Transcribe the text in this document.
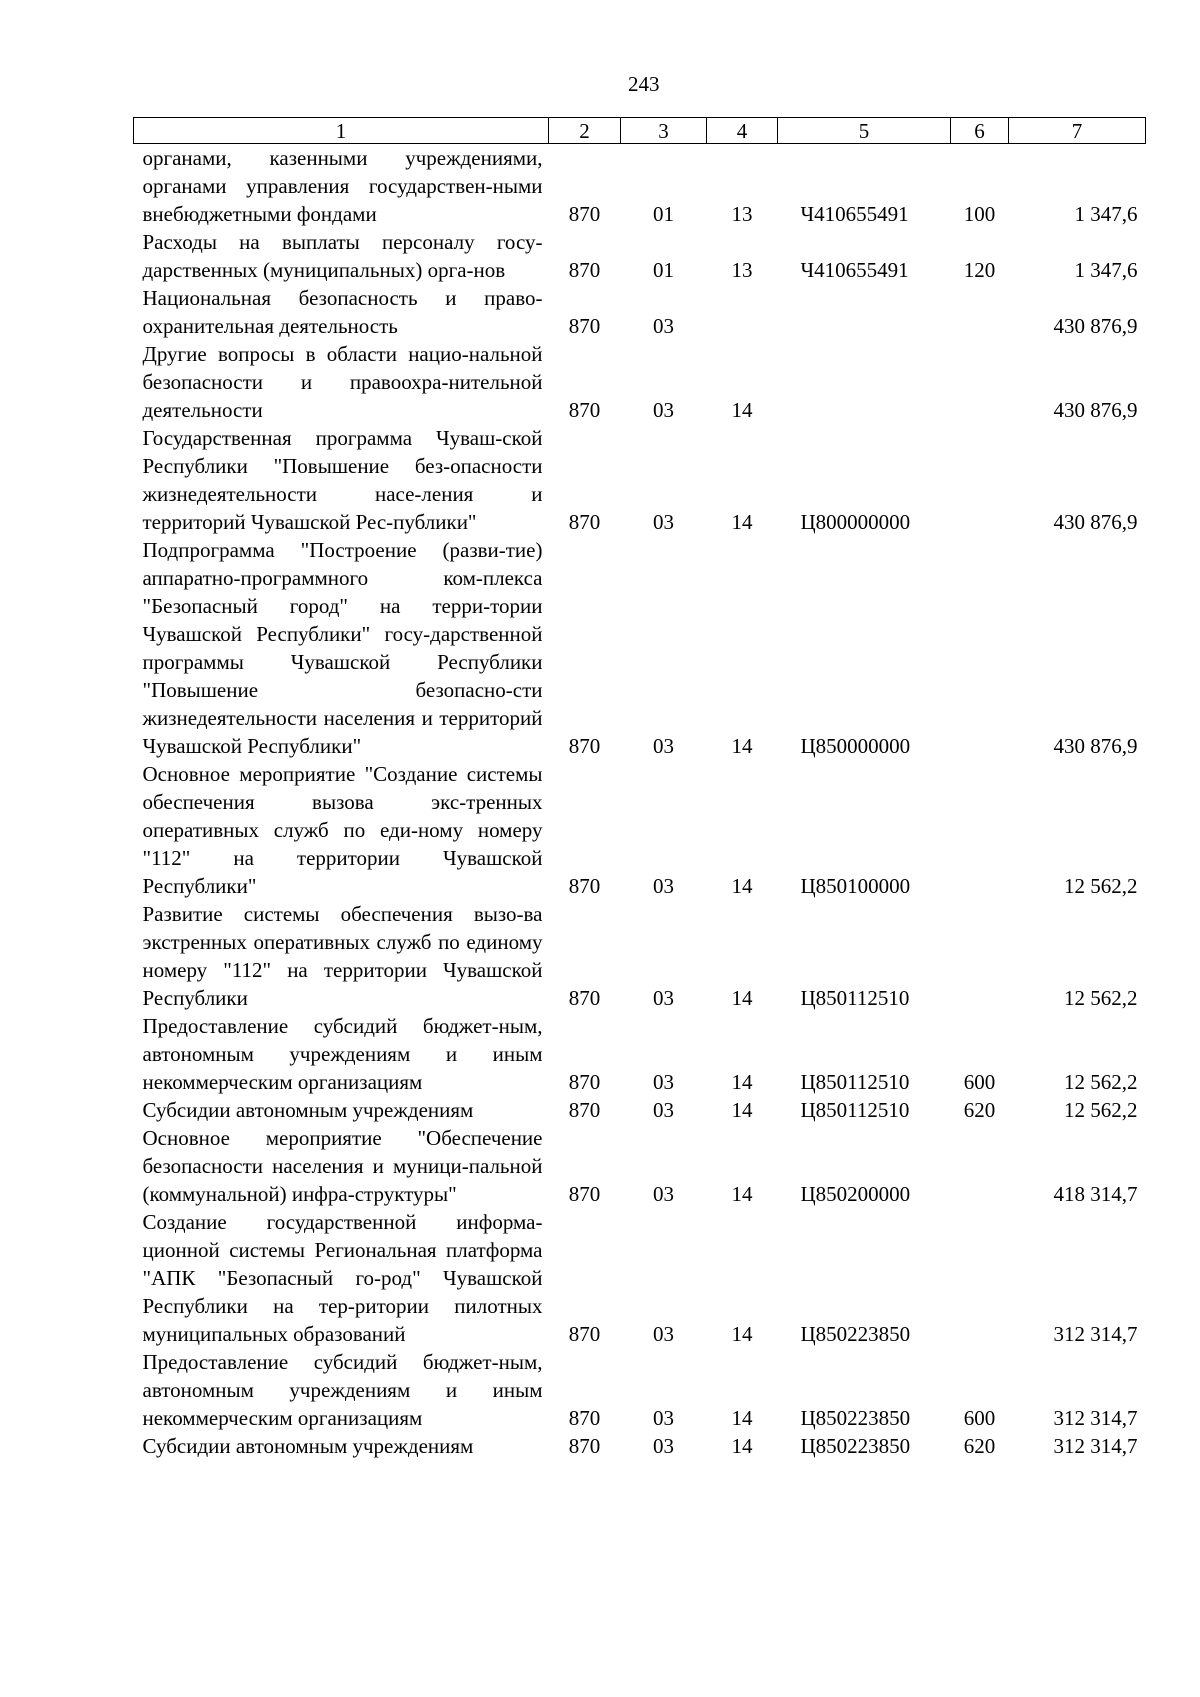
243
1	2	3	4	5	6	7
органами, казенными учреждениями, органами управления государствен-ными внебюджетными фондами	870	01	13	Ч410655491	100	1 347,6
Расходы на выплаты персоналу госу-дарственных (муниципальных) орга-нов	870	01	13	Ч410655491	120	1 347,6
Национальная безопасность и право-охранительная деятельность	870	03				430 876,9
Другие вопросы в области нацио-нальной безопасности и правоохра-нительной деятельности	870	03	14			430 876,9
Государственная программа Чуваш-ской Республики "Повышение без-опасности жизнедеятельности насе-ления и территорий Чувашской Рес-публики"	870	03	14	Ц800000000		430 876,9
Подпрограмма "Построение (разви-тие) аппаратно-программного ком-плекса "Безопасный город" на терри-тории Чувашской Республики" госу-дарственной программы Чувашской Республики "Повышение безопасно-сти жизнедеятельности населения и территорий Чувашской Республики"	870	03	14	Ц850000000		430 876,9
Основное мероприятие "Создание системы обеспечения вызова экс-тренных оперативных служб по еди-ному номеру "112" на территории Чувашской Республики"	870	03	14	Ц850100000		12 562,2
Развитие системы обеспечения вызо-ва экстренных оперативных служб по единому номеру "112" на территории Чувашской Республики	870	03	14	Ц850112510		12 562,2
Предоставление субсидий бюджет-ным, автономным учреждениям и иным некоммерческим организациям	870	03	14	Ц850112510	600	12 562,2
Субсидии автономным учреждениям	870	03	14	Ц850112510	620	12 562,2
Основное мероприятие "Обеспечение безопасности населения и муници-пальной (коммунальной) инфра-структуры"	870	03	14	Ц850200000		418 314,7
Создание государственной информа-ционной системы Региональная платформа "АПК "Безопасный го-род" Чувашской Республики на тер-ритории пилотных муниципальных образований	870	03	14	Ц850223850		312 314,7
Предоставление субсидий бюджет-ным, автономным учреждениям и иным некоммерческим организациям	870	03	14	Ц850223850	600	312 314,7
Субсидии автономным учреждениям	870	03	14	Ц850223850	620	312 314,7
